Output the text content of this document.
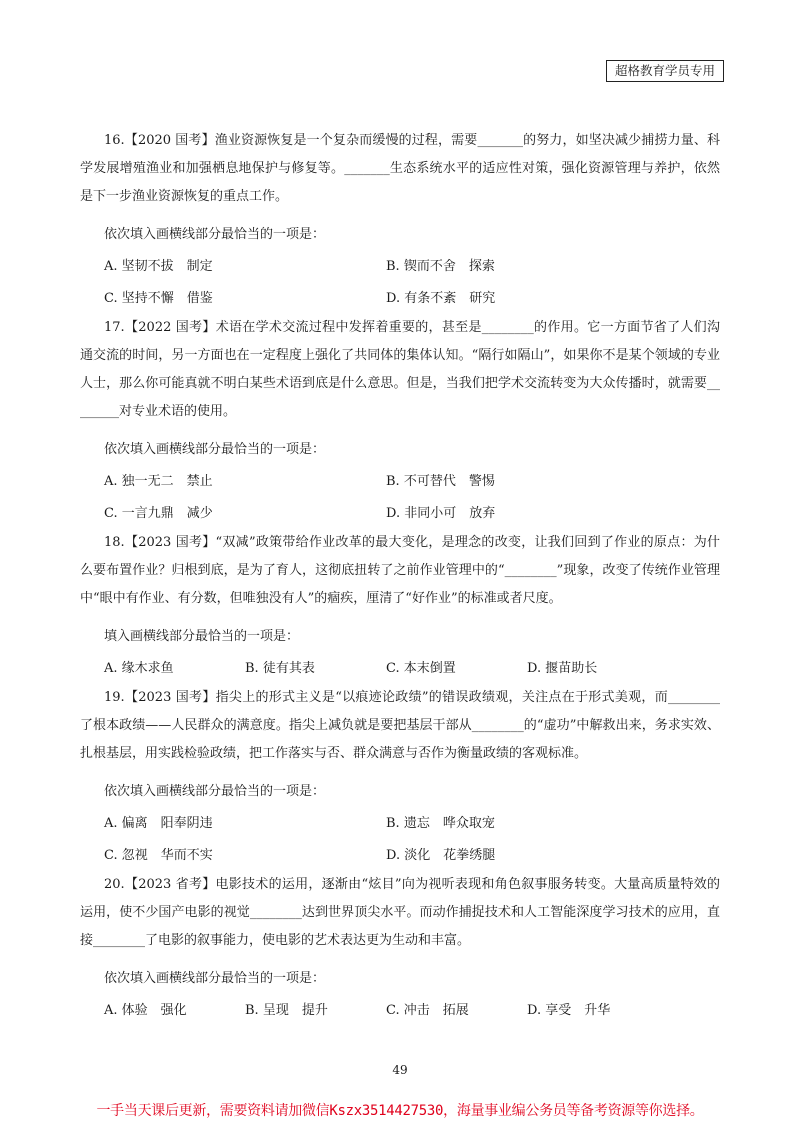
超格教育学员专用

16.【2020 国考】渔业资源恢复是一个复杂而缓慢的过程，需要_______的努力，如坚决减少捕捞力量、科学发展增殖渔业和加强栖息地保护与修复等。_______生态系统水平的适应性对策，强化资源管理与养护，依然是下一步渔业资源恢复的重点工作。

依次填入画横线部分最恰当的一项是：

A. 坚韧不拔　制定	B. 锲而不舍　探索
C. 坚持不懈　借鉴	D. 有条不紊　研究

17.【2022 国考】术语在学术交流过程中发挥着重要的，甚至是________的作用。它一方面节省了人们沟通交流的时间，另一方面也在一定程度上强化了共同体的集体认知。“隔行如隔山”，如果你不是某个领域的专业人士，那么你可能真就不明白某些术语到底是什么意思。但是，当我们把学术交流转变为大众传播时，就需要________对专业术语的使用。

依次填入画横线部分最恰当的一项是：

A. 独一无二　禁止	B. 不可替代　警惕
C. 一言九鼎　减少	D. 非同小可　放弃

18.【2023 国考】“双减”政策带给作业改革的最大变化，是理念的改变，让我们回到了作业的原点：为什么要布置作业？归根到底，是为了育人，这彻底扭转了之前作业管理中的“________”现象，改变了传统作业管理中“眼中有作业、有分数，但唯独没有人”的痼疾，厘清了“好作业”的标准或者尺度。

填入画横线部分最恰当的一项是：

A. 缘木求鱼	B. 徒有其表	C. 本末倒置	D. 揠苗助长

19.【2023 国考】指尖上的形式主义是“以痕迹论政绩”的错误政绩观，关注点在于形式美观，而________了根本政绩——人民群众的满意度。指尖上减负就是要把基层干部从________的“虚功”中解救出来，务求实效、扎根基层，用实践检验政绩，把工作落实与否、群众满意与否作为衡量政绩的客观标准。

依次填入画横线部分最恰当的一项是：

A. 偏离　阳奉阴违	B. 遗忘　哗众取宠
C. 忽视　华而不实	D. 淡化　花拳绣腿

20.【2023 省考】电影技术的运用，逐渐由“炫目”向为视听表现和角色叙事服务转变。大量高质量特效的运用，使不少国产电影的视觉________达到世界顶尖水平。而动作捕捉技术和人工智能深度学习技术的应用，直接________了电影的叙事能力，使电影的艺术表达更为生动和丰富。

依次填入画横线部分最恰当的一项是：

A. 体验　强化	B. 呈现　提升	C. 冲击　拓展	D. 享受　升华
49
一手当天课后更新，需要资料请加微信Kszx3514427530，海量事业编公务员等备考资源等你选择。
